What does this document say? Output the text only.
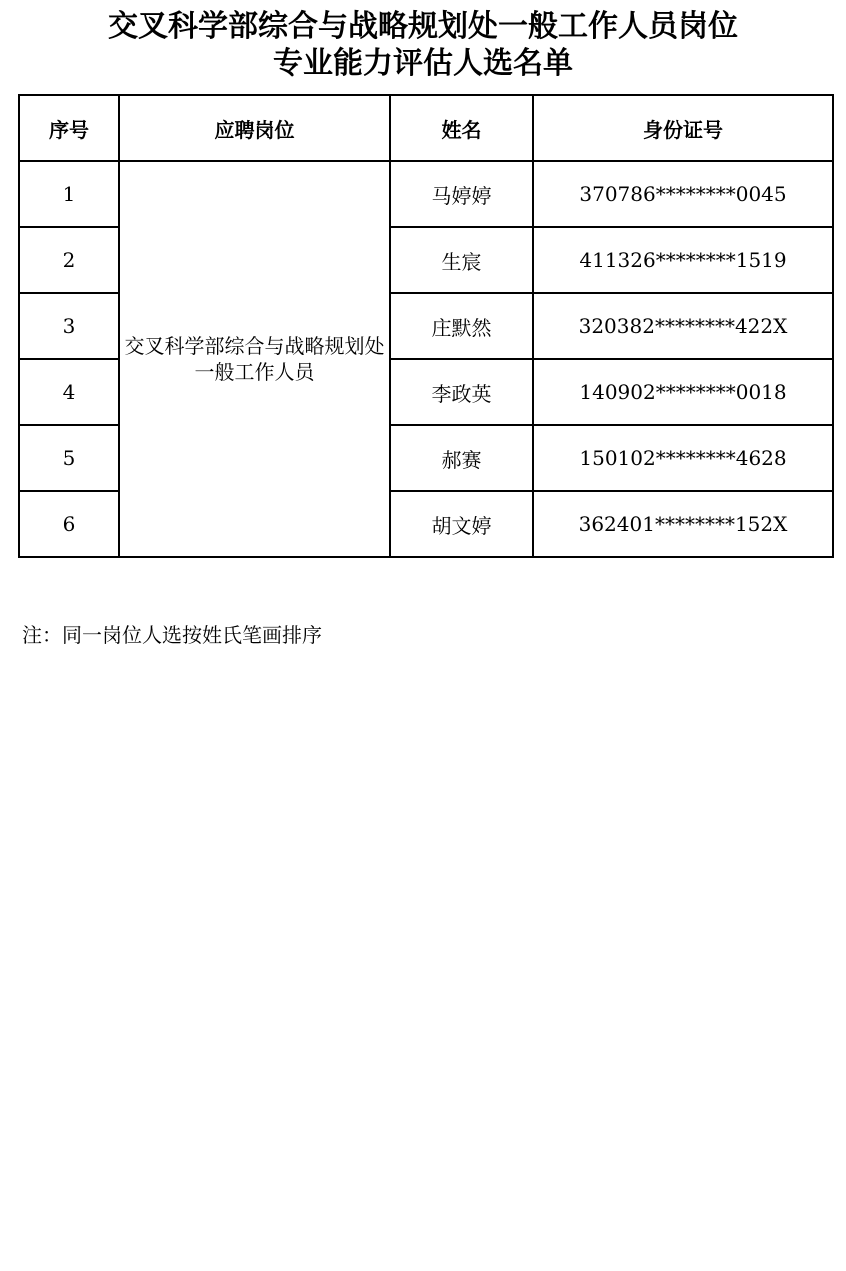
交叉科学部综合与战略规划处一般工作人员岗位
专业能力评估人选名单
序号	应聘岗位	姓名	身份证号
1	交叉科学部综合与战略规划处一般工作人员	马婷婷	370786********0045
2		生宸	411326********1519
3		庄默然	320382********422X
4		李政英	140902********0018
5		郝赛	150102********4628
6		胡文婷	362401********152X
注：同一岗位人选按姓氏笔画排序
